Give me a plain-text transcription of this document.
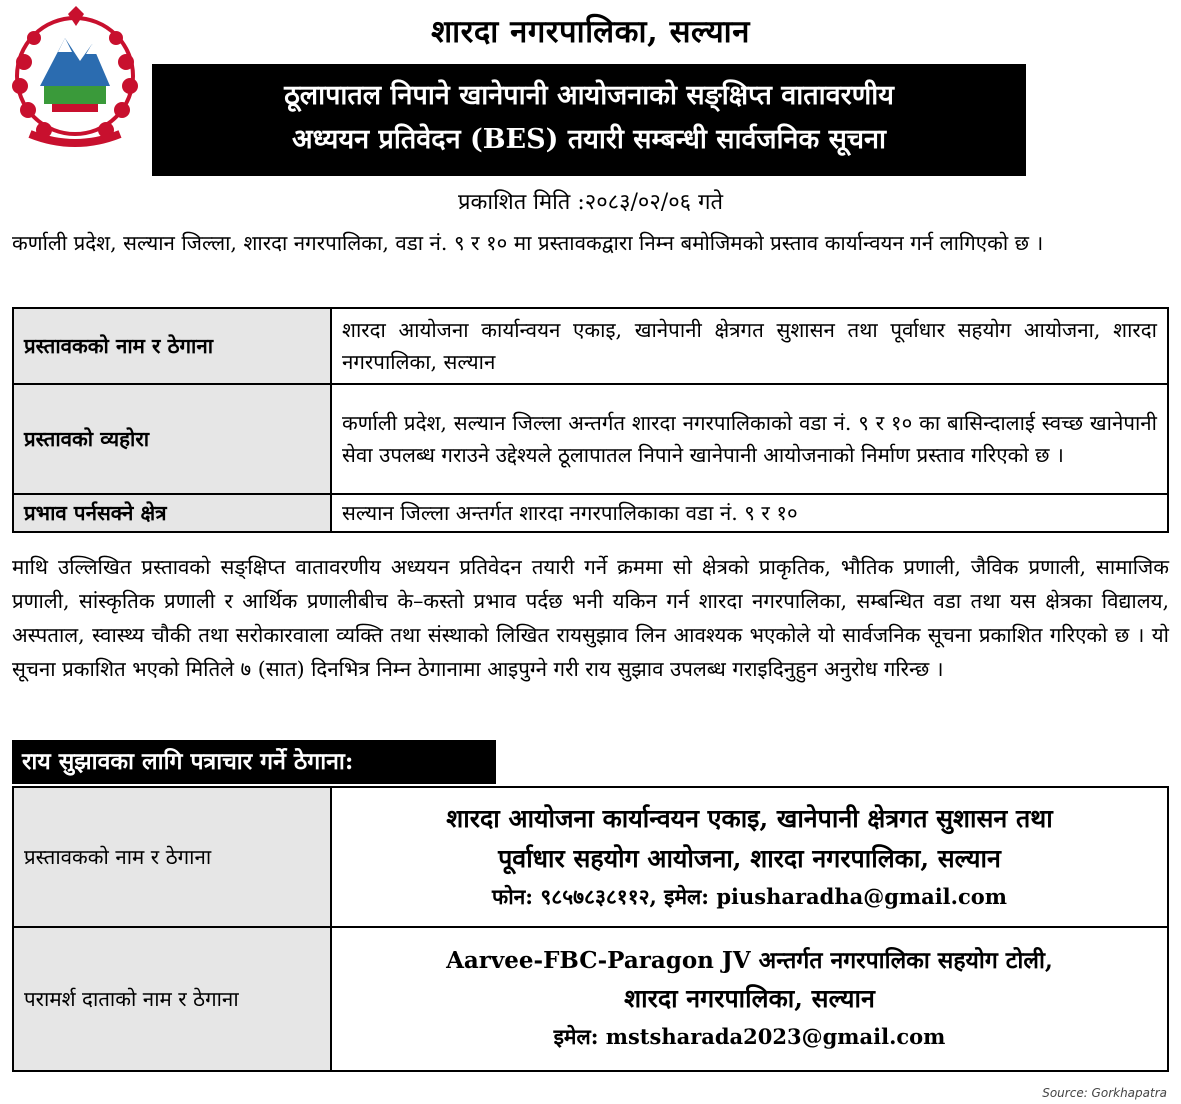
शारदा नगरपालिका, सल्यान
ठूलापातल निपाने खानेपानी आयोजनाको सङ्क्षिप्त वातावरणीय
अध्ययन प्रतिवेदन (BES) तयारी सम्बन्धी सार्वजनिक सूचना
प्रकाशित मिति :२०८३/०२/०६ गते
कर्णाली प्रदेश, सल्यान जिल्ला, शारदा नगरपालिका, वडा नं. ९ र १० मा प्रस्तावकद्वारा निम्न बमोजिमको प्रस्ताव कार्यान्वयन गर्न लागिएको छ ।
प्रस्तावकको नाम र ठेगाना	शारदा आयोजना कार्यान्वयन एकाइ, खानेपानी क्षेत्रगत सुशासन तथा पूर्वाधार सहयोग आयोजना, शारदा नगरपालिका, सल्यान
प्रस्तावको व्यहोरा	कर्णाली प्रदेश, सल्यान जिल्ला अन्तर्गत शारदा नगरपालिकाको वडा नं. ९ र १० का बासिन्दालाई स्वच्छ खानेपानी सेवा उपलब्ध गराउने उद्देश्यले ठूलापातल निपाने खानेपानी आयोजनाको निर्माण प्रस्ताव गरिएको छ ।
प्रभाव पर्नसक्ने क्षेत्र	सल्यान जिल्ला अन्तर्गत शारदा नगरपालिकाका वडा नं. ९ र १०
माथि उल्लिखित प्रस्तावको सङ्क्षिप्त वातावरणीय अध्ययन प्रतिवेदन तयारी गर्ने क्रममा सो क्षेत्रको प्राकृतिक, भौतिक प्रणाली, जैविक प्रणाली, सामाजिक प्रणाली, सांस्कृतिक प्रणाली र आर्थिक प्रणालीबीच के–कस्तो प्रभाव पर्दछ भनी यकिन गर्न शारदा नगरपालिका, सम्बन्धित वडा तथा यस क्षेत्रका विद्यालय, अस्पताल, स्वास्थ्य चौकी तथा सरोकारवाला व्यक्ति तथा संस्थाको लिखित रायसुझाव लिन आवश्यक भएकोले यो सार्वजनिक सूचना प्रकाशित गरिएको छ । यो सूचना प्रकाशित भएको मितिले ७ (सात) दिनभित्र निम्न ठेगानामा आइपुग्ने गरी राय सुझाव उपलब्ध गराइदिनुहुन अनुरोध गरिन्छ ।
राय सुझावका लागि पत्राचार गर्ने ठेगाना:
प्रस्तावकको नाम र ठेगाना	शारदा आयोजना कार्यान्वयन एकाइ, खानेपानी क्षेत्रगत सुशासन तथा
पूर्वाधार सहयोग आयोजना, शारदा नगरपालिका, सल्यान
फोन: ९८५७८३८११२, इमेल: piusharadha@gmail.com

परामर्श दाताको नाम र ठेगाना	Aarvee-FBC-Paragon JV अन्तर्गत नगरपालिका सहयोग टोली,
शारदा नगरपालिका, सल्यान
इमेल: mstsharada2023@gmail.com
Source: Gorkhapatra
